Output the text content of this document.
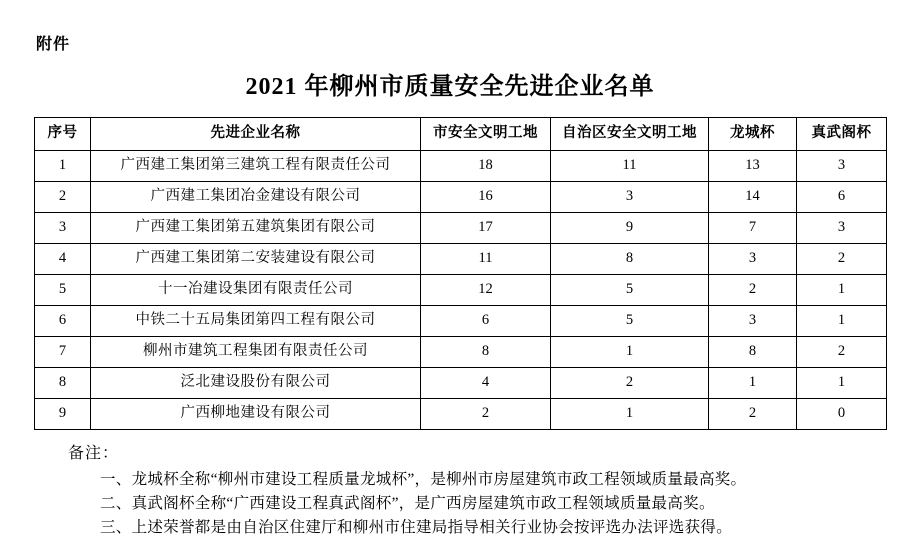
附件
2021 年柳州市质量安全先进企业名单
序号	先进企业名称	市安全文明工地	自治区安全文明工地	龙城杯	真武阁杯
1	广西建工集团第三建筑工程有限责任公司	18	11	13	3
2	广西建工集团冶金建设有限公司	16	3	14	6
3	广西建工集团第五建筑集团有限公司	17	9	7	3
4	广西建工集团第二安装建设有限公司	11	8	3	2
5	十一冶建设集团有限责任公司	12	5	2	1
6	中铁二十五局集团第四工程有限公司	6	5	3	1
7	柳州市建筑工程集团有限责任公司	8	1	8	2
8	泛北建设股份有限公司	4	2	1	1
9	广西柳地建设有限公司	2	1	2	0
备注：
一、龙城杯全称“柳州市建设工程质量龙城杯”，是柳州市房屋建筑市政工程领域质量最高奖。
二、真武阁杯全称“广西建设工程真武阁杯”，是广西房屋建筑市政工程领域质量最高奖。
三、上述荣誉都是由自治区住建厅和柳州市住建局指导相关行业协会按评选办法评选获得。
